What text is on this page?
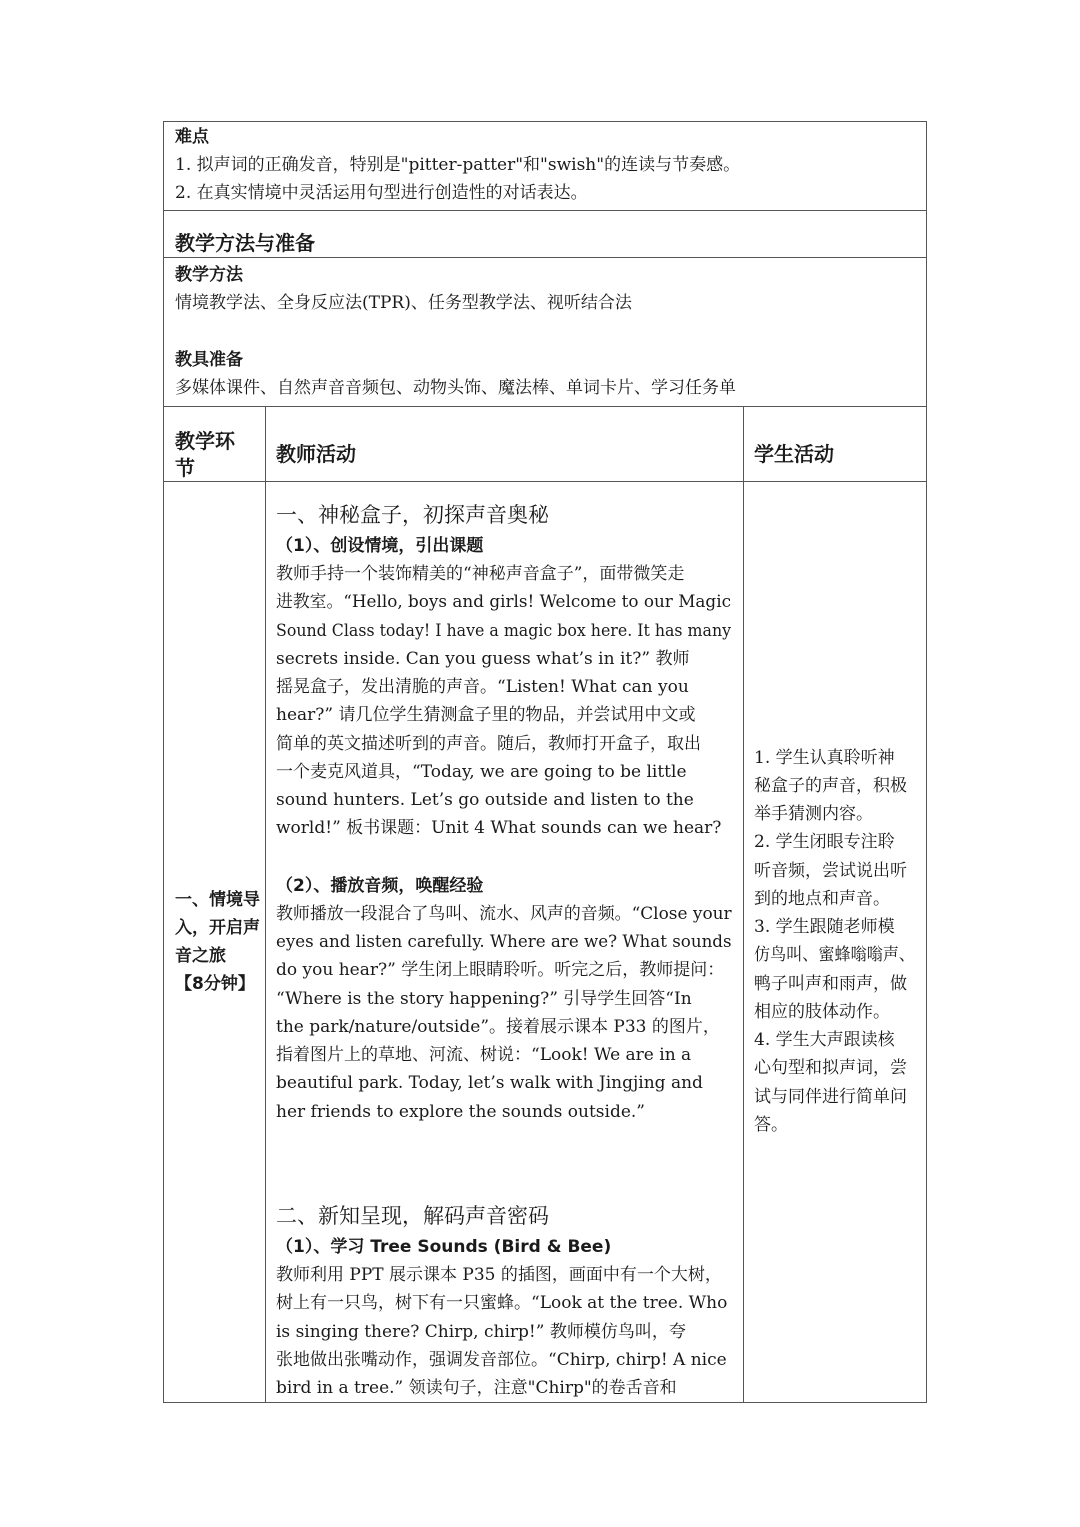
难点
1. 拟声词的正确发音，特别是"pitter-patter"和"swish"的连读与节奏感。
2. 在真实情境中灵活运用句型进行创造性的对话表达。
教学方法与准备
教学方法
情境教学法、全身反应法(TPR)、任务型教学法、视听结合法
教具准备
多媒体课件、自然声音音频包、动物头饰、魔法棒、单词卡片、学习任务单
教学环
节
教师活动	学生活动
一、情境导
入，开启声
音之旅
【8分钟】
一、神秘盒子，初探声音奥秘
（1）、创设情境，引出课题
教师手持一个装饰精美的“神秘声音盒子”，面带微笑走
进教室。“Hello, boys and girls! Welcome to our Magic
Sound Class today! I have a magic box here. It has many
secrets inside. Can you guess what’s in it?” 教师
摇晃盒子，发出清脆的声音。“Listen! What can you
hear?” 请几位学生猜测盒子里的物品，并尝试用中文或
简单的英文描述听到的声音。随后，教师打开盒子，取出
一个麦克风道具，“Today, we are going to be little
sound hunters. Let’s go outside and listen to the
world!” 板书课题：Unit 4 What sounds can we hear?
（2）、播放音频，唤醒经验
教师播放一段混合了鸟叫、流水、风声的音频。“Close your
eyes and listen carefully. Where are we? What sounds
do you hear?” 学生闭上眼睛聆听。听完之后，教师提问：
“Where is the story happening?” 引导学生回答“In
the park/nature/outside”。接着展示课本 P33 的图片，
指着图片上的草地、河流、树说：“Look! We are in a
beautiful park. Today, let’s walk with Jingjing and
her friends to explore the sounds outside.”
二、新知呈现，解码声音密码
（1）、学习 Tree Sounds (Bird & Bee)
教师利用 PPT 展示课本 P35 的插图，画面中有一个大树，
树上有一只鸟，树下有一只蜜蜂。“Look at the tree. Who
is singing there? Chirp, chirp!” 教师模仿鸟叫，夸
张地做出张嘴动作，强调发音部位。“Chirp, chirp! A nice
bird in a tree.” 领读句子，注意"Chirp"的卷舌音和
1. 学生认真聆听神
秘盒子的声音，积极
举手猜测内容。
2. 学生闭眼专注聆
听音频，尝试说出听
到的地点和声音。
3. 学生跟随老师模
仿鸟叫、蜜蜂嗡嗡声、
鸭子叫声和雨声，做
相应的肢体动作。
4. 学生大声跟读核
心句型和拟声词，尝
试与同伴进行简单问
答。
